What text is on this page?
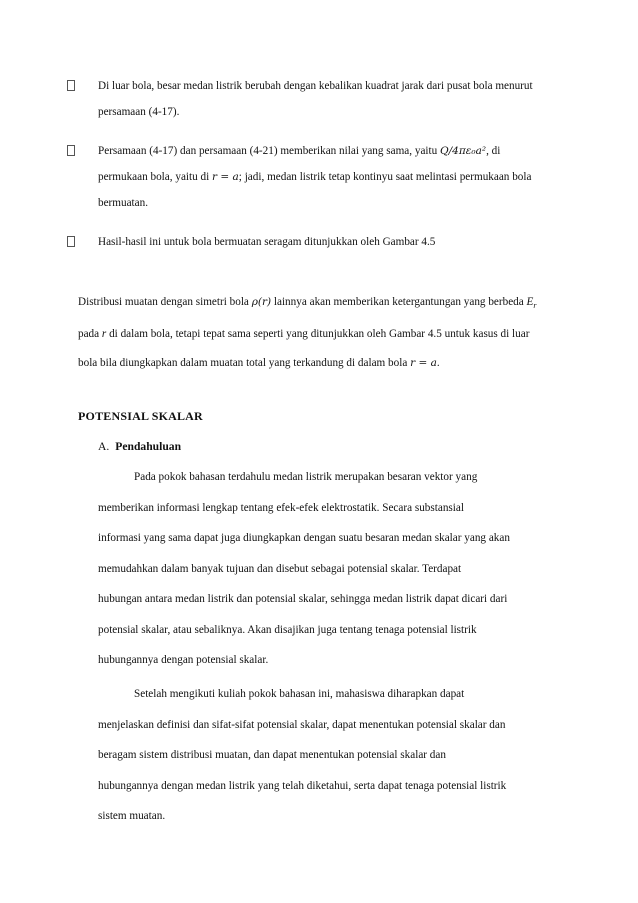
Di luar bola, besar medan listrik berubah dengan kebalikan kuadrat jarak dari pusat bola menurut
persamaan (4-17).
Persamaan (4-17) dan persamaan (4-21) memberikan nilai yang sama, yaitu Q/4πε₀a², di
permukaan bola, yaitu di r = a; jadi, medan listrik tetap kontinyu saat melintasi permukaan bola
bermuatan.
Hasil-hasil ini untuk bola bermuatan seragam ditunjukkan oleh Gambar 4.5
Distribusi muatan dengan simetri bola ρ(r) lainnya akan memberikan ketergantungan yang berbeda $E_r$
pada r di dalam bola, tetapi tepat sama seperti yang ditunjukkan oleh Gambar 4.5 untuk kasus di luar
bola bila diungkapkan dalam muatan total yang terkandung di dalam bola r = a.
POTENSIAL SKALAR
A. Pendahuluan
Pada pokok bahasan terdahulu medan listrik merupakan besaran vektor yang
memberikan informasi lengkap tentang efek-efek elektrostatik. Secara substansial
informasi yang sama dapat juga diungkapkan dengan suatu besaran medan skalar yang akan
memudahkan dalam banyak tujuan dan disebut sebagai potensial skalar. Terdapat
hubungan antara medan listrik dan potensial skalar, sehingga medan listrik dapat dicari dari
potensial skalar, atau sebaliknya. Akan disajikan juga tentang tenaga potensial listrik
hubungannya dengan potensial skalar.
Setelah mengikuti kuliah pokok bahasan ini, mahasiswa diharapkan dapat
menjelaskan definisi dan sifat-sifat potensial skalar, dapat menentukan potensial skalar dan
beragam sistem distribusi muatan, dan dapat menentukan potensial skalar dan
hubungannya dengan medan listrik yang telah diketahui, serta dapat tenaga potensial listrik
sistem muatan.
